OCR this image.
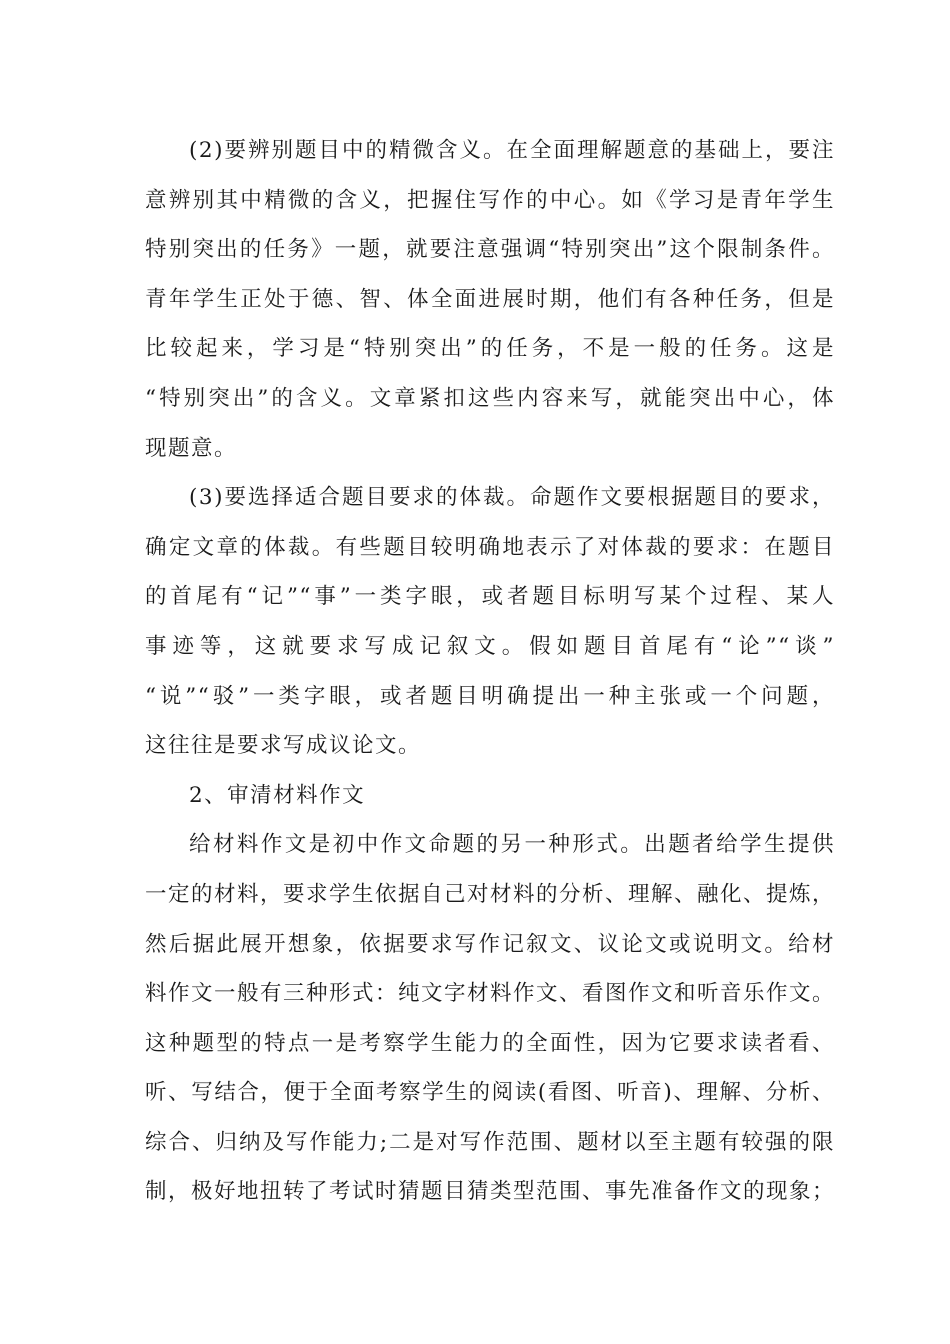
(2)要辨别题目中的精微含义。在全面理解题意的基础上，要注
意辨别其中精微的含义，把握住写作的中心。如《学习是青年学生
特别突出的任务》一题，就要注意强调“特别突出”这个限制条件。
青年学生正处于德、智、体全面进展时期，他们有各种任务，但是
比较起来，学习是“特别突出”的任务，不是一般的任务。这是
“特别突出”的含义。文章紧扣这些内容来写，就能突出中心，体
现题意。
(3)要选择适合题目要求的体裁。命题作文要根据题目的要求，
确定文章的体裁。有些题目较明确地表示了对体裁的要求：在题目
的首尾有“记”“事”一类字眼，或者题目标明写某个过程、某人
事迹等，这就要求写成记叙文。假如题目首尾有“论”“谈”
“说”“驳”一类字眼，或者题目明确提出一种主张或一个问题，
这往往是要求写成议论文。
2、审清材料作文
给材料作文是初中作文命题的另一种形式。出题者给学生提供
一定的材料，要求学生依据自己对材料的分析、理解、融化、提炼，
然后据此展开想象，依据要求写作记叙文、议论文或说明文。给材
料作文一般有三种形式：纯文字材料作文、看图作文和听音乐作文。
这种题型的特点一是考察学生能力的全面性，因为它要求读者看、
听、写结合，便于全面考察学生的阅读(看图、听音)、理解、分析、
综合、归纳及写作能力;二是对写作范围、题材以至主题有较强的限
制，极好地扭转了考试时猜题目猜类型范围、事先准备作文的现象；
